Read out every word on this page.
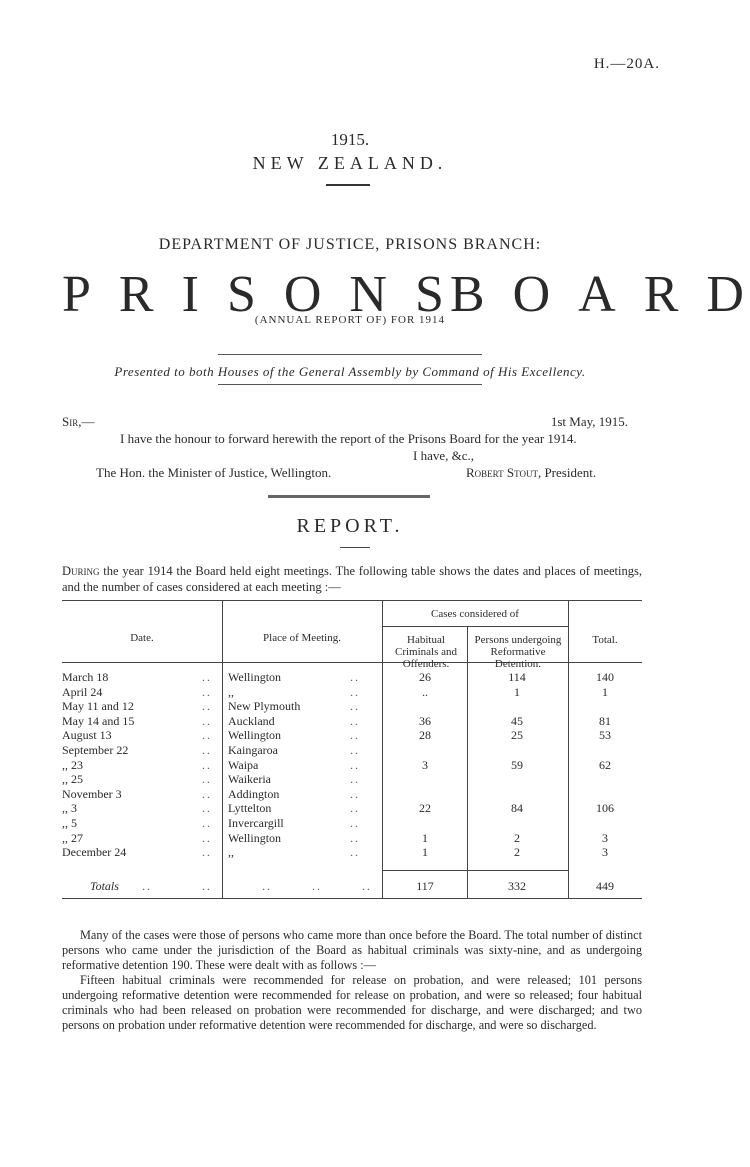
H.—20A.
1915.
NEW ZEALAND.
DEPARTMENT OF JUSTICE, PRISONS BRANCH:
P R I S O N S B O A R D
(ANNUAL REPORT OF) FOR 1914
Presented to both Houses of the General Assembly by Command of His Excellency.
Sir,—	1st May, 1915.
I have the honour to forward herewith the report of the Prisons Board for the year 1914.
I have, &c.,
The Hon. the Minister of Justice, Wellington.	Robert Stout, President.
REPORT.
During the year 1914 the Board held eight meetings. The following table shows the dates and places of meetings, and the number of cases considered at each meeting :—
Date.	Place of Meeting.
Cases considered of
Habitual Criminals and Offenders.
Persons undergoing Reformative Detention.
Total.
March 18	Wellington	26	114	140
..	..
April 24	,,	..	1	1
..	..
May 11 and 12	New Plymouth
..	..
May 14 and 15	Auckland	36	45	81
..	..
August 13	Wellington	28	25	53
..	..
September 22	Kaingaroa
..	..
,, 23	Waipa	3	59	62
..	..
,, 25	Waikeria
..	..
November 3	Addington
..	..
,, 3	Lyttelton	22	84	106
..	..
,, 5	Invercargill
..	..
,, 27	Wellington	1	2	3
..	..
December 24	,,	1	2	3
..	..
Totals ..	..	..	..	..	117	332	449

Many of the cases were those of persons who came more than once before the Board. The total number of distinct persons who came under the jurisdiction of the Board as habitual criminals was sixty-nine, and as undergoing reformative detention 190. These were dealt with as follows :—

Fifteen habitual criminals were recommended for release on probation, and were released; 101 persons undergoing reformative detention were recommended for release on probation, and were so released; four habitual criminals who had been released on probation were recommended for discharge, and were discharged; and two persons on probation under reformative detention were recommended for discharge, and were so discharged.
